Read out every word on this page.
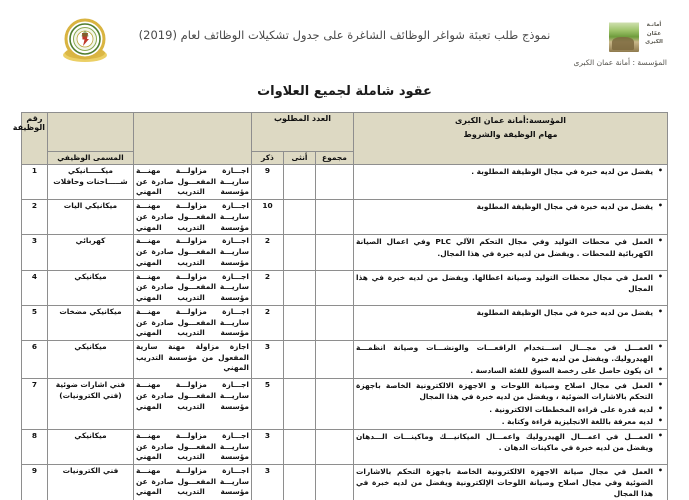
أمانـة
عمّان
الكبرى
نموذج طلب تعبئة شواغر الوظائف الشاغرة على جدول تشكيلات الوظائف لعام (2019)
المؤسسة : أمانة عمان الكبرى
عقود شاملة لجميع العلاوات
المؤسسة:أمانة عمان الكبرى
مهام الوظيفة والشروط	العدد المطلوب					رقم الوظيفة
	مجموع	أنثى	ذكر		المسمى الوظيفي	

• يفضل من لديه خبرة في مجال الوظيفة المطلوبة .
			9	اجـــازة مزاولـــة مهنـــة ساريـــة المفعـــول صادرة عن مؤسسة التدريب المهني	ميكـــــانيكي شـــــاحنات وحافلات	1

• يفضل من لديه خبرة في مجال الوظيفة المطلوبة
			10	اجـــازة مزاولـــة مهنـــة ساريـــة المفعـــول صادرة عن مؤسسة التدريب المهني	ميكانيكي اليات	2

• العمل في محطات التوليد وفي مجال التحكم الآلي PLC وفي اعمال الصيانة الكهربائية للمحطات . ويفضل من لديه خبرة في هذا المجال.
			2	اجـــازة مزاولـــة مهنـــة ساريـــة المفعـــول صادرة عن مؤسسة التدريب المهني	كهربائي	3

• العمل في مجال محطات التوليد وصيانة اعطالها. ويفضل من لديه خبرة في هذا المجال
			2	اجـــازة مزاولـــة مهنـــة ساريـــة المفعـــول صادرة عن مؤسسة التدريب المهني	ميكانيكي	4

• يفضل من لديه خبرة في مجال الوظيفة المطلوبة
			2	اجـــازة مزاولـــة مهنـــة ساريـــة المفعـــول صادرة عن مؤسسة التدريب المهني	ميكانيكي مضخات	5

• العمـــل في مجـــال اســـتخدام الرافعـــات والونشـــات وصيانة انظمـــة الهيدروليك. ويفضل من لديه خبرة
• ان يكون حاصل على رخصة السوق للفئة السادسة .
			3	اجازة مزاولة مهنة سارية المفعول من مؤسسة التدريب المهني	ميكانيكي	6

• العمل في مجال اصلاح وصيانة اللوحات و الاجهزة الالكترونية الخاصة باجهزة التحكم بالاشارات الضوئية ، ويفضل من لديه خبرة في هذا المجال
• لديه قدرة على قراءة المخططات الالكترونية .
• لديه معرفة باللغة الانجليزية قراءة وكتابة .
			5	اجـــازة مزاولـــة مهنـــة ساريـــة المفعـــول صادرة عن مؤسسة التدريب المهني	فني اشارات ضوئية (فني الكترونيات)	7

• العمـــل في اعمـــال الهيدروليك واعمـــال الميكانيـــك وماكينـــات الـــدهان ويفضل من لديه خبرة في ماكينات الدهان .
			3	اجـــازة مزاولـــة مهنـــة ساريـــة المفعـــول صادرة عن مؤسسة التدريب المهني	ميكانيكي	8

• العمل في مجال صيانة الاجهزة الالكترونية الخاصة باجهزة التحكم بالاشارات الضوئية وفي مجال اصلاح وصيانة اللوحات الإلكترونية ويفضل من لديه خبرة في هذا المجال
			3	اجـــازة مزاولـــة مهنـــة ساريـــة المفعـــول صادرة عن مؤسسة التدريب المهني	فني الكترونيات	9
